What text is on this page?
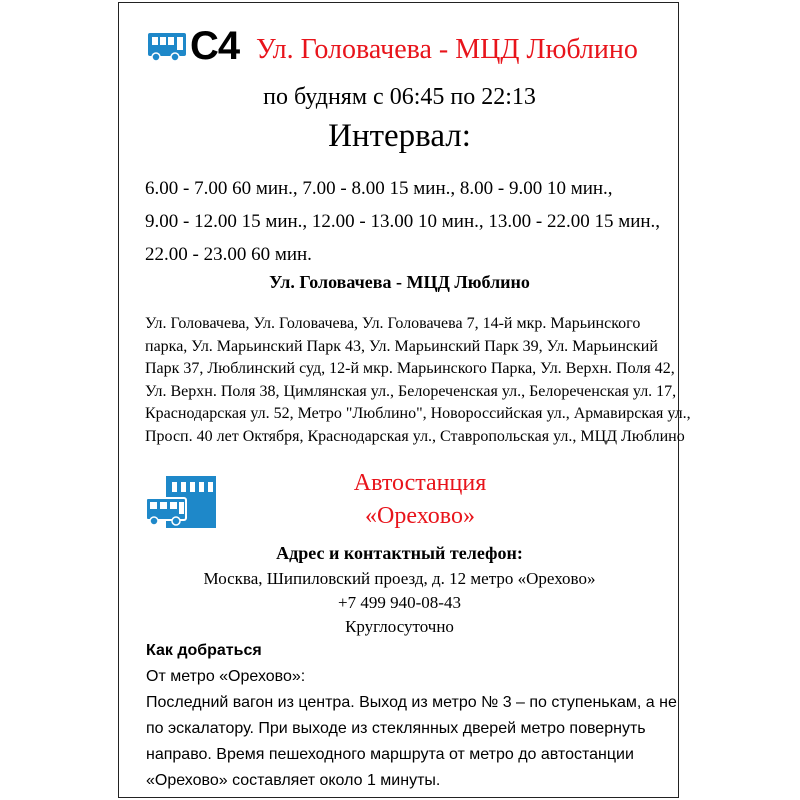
С4 Ул. Головачева - МЦД Люблино
по будням с 06:45 по 22:13
Интервал:
6.00 - 7.00 60 мин., 7.00 - 8.00 15 мин., 8.00 - 9.00 10 мин.,
9.00 - 12.00 15 мин., 12.00 - 13.00 10 мин., 13.00 - 22.00 15 мин.,
22.00 - 23.00 60 мин.
Ул. Головачева - МЦД Люблино
Ул. Головачева, Ул. Головачева, Ул. Головачева 7, 14-й мкр. Марьинского
парка, Ул. Марьинский Парк 43, Ул. Марьинский Парк 39, Ул. Марьинский
Парк 37, Люблинский суд, 12-й мкр. Марьинского Парка, Ул. Верхн. Поля 42,
Ул. Верхн. Поля 38, Цимлянская ул., Белореченская ул., Белореченская ул. 17,
Краснодарская ул. 52, Метро "Люблино", Новороссийская ул., Армавирская ул.,
Просп. 40 лет Октября, Краснодарская ул., Ставропольская ул., МЦД Люблино
Автостанция
«Орехово»
Адрес и контактный телефон:
Москва, Шипиловский проезд, д. 12 метро «Орехово»
+7 499 940-08-43
Круглосуточно
Как добраться
От метро «Орехово»:
Последний вагон из центра. Выход из метро № 3 – по ступенькам, а не
по эскалатору. При выходе из стеклянных дверей метро повернуть
направо. Время пешеходного маршрута от метро до автостанции
«Орехово» составляет около 1 минуты.
